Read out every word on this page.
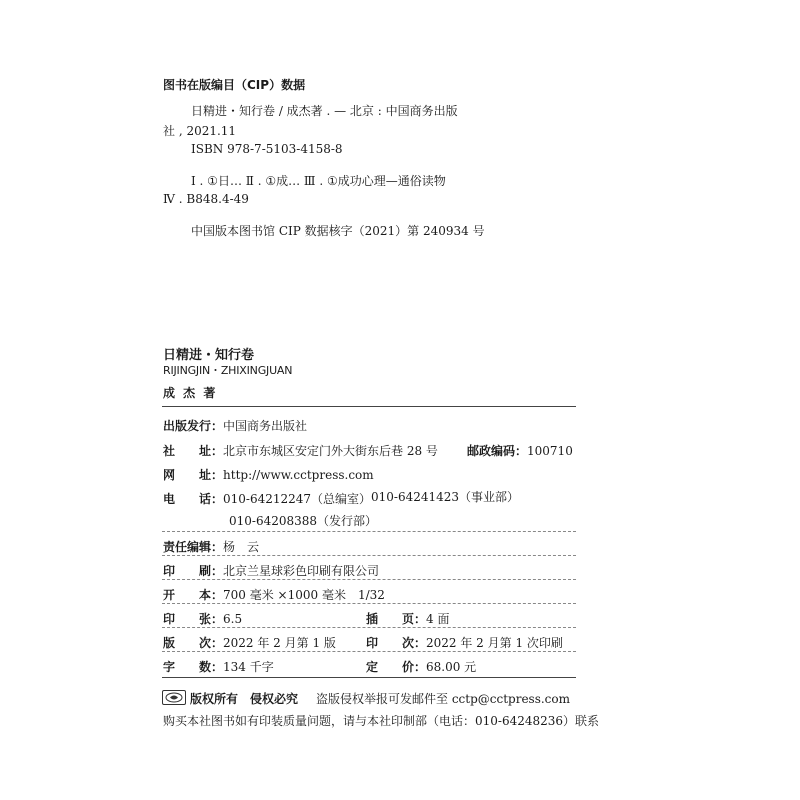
图书在版编目（CIP）数据
日精进・知行卷 / 成杰著 . — 北京 : 中国商务出版
社 , 2021.11
ISBN 978-7-5103-4158-8
Ⅰ . ①日… Ⅱ . ①成… Ⅲ . ①成功心理—通俗读物
Ⅳ . B848.4-49
中国版本图书馆 CIP 数据核字（2021）第 240934 号
日精进・知行卷
RIJINGJIN・ZHIXINGJUAN
成 杰 著
出版发行：中国商务出版社
社　　址：北京市东城区安定门外大街东后巷 28 号 邮政编码：100710
网　　址：http://www.cctpress.com
电　　话：010-64212247（总编室） 010-64241423（事业部）
010-64208388（发行部）
责任编辑：杨　云
印　　刷：北京兰星球彩色印刷有限公司
开　　本：700 毫米 ×1000 毫米　1/32
印　　张：6.5	插　　页：4 面
版　　次：2022 年 2 月第 1 版	印　　次：2022 年 2 月第 1 次印刷
字　　数：134 千字	定　　价：68.00 元
版权所有　侵权必究 盗版侵权举报可发邮件至 cctp@cctpress.com
购买本社图书如有印装质量问题，请与本社印制部（电话：010-64248236）联系
